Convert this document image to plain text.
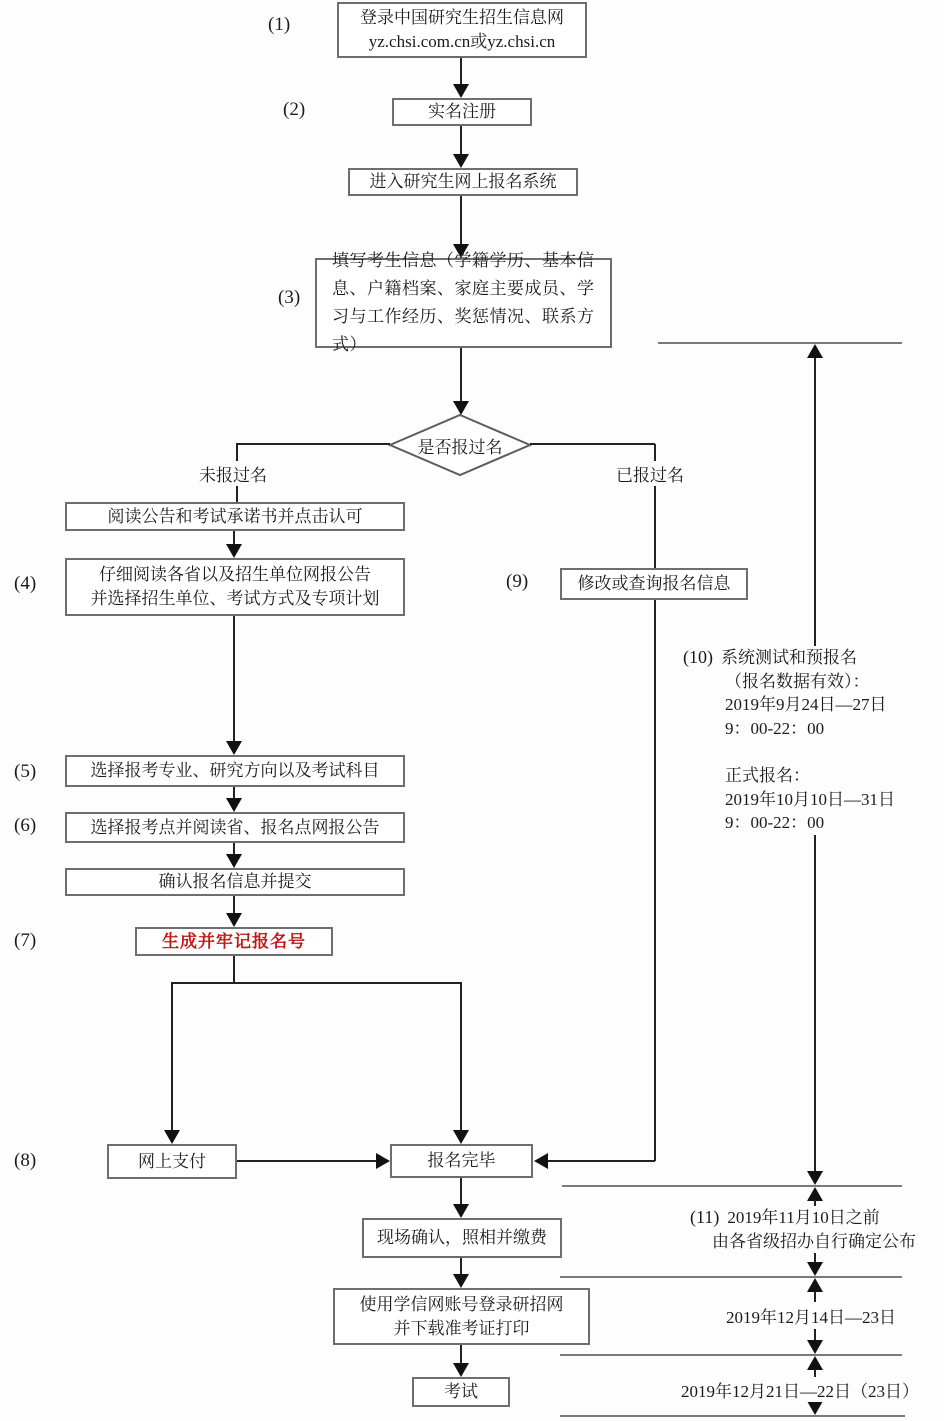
(1)
(2)
(3)
(4)
(5)
(6)
(7)
(8)
(9)
登录中国研究生招生信息网
yz.chsi.com.cn或yz.chsi.cn
实名注册
进入研究生网上报名系统
填写考生信息（学籍学历、基本信息、户籍档案、家庭主要成员、学习与工作经历、奖惩情况、联系方式）
是否报过名
未报过名
阅读公告和考试承诺书并点击认可
仔细阅读各省以及招生单位网报公告
并选择招生单位、考试方式及专项计划
选择报考专业、研究方向以及考试科目
选择报考点并阅读省、报名点网报公告
确认报名信息并提交
生成并牢记报名号
网上支付	报名完毕
已报过名
修改或查询报名信息
现场确认，照相并缴费
使用学信网账号登录研招网
并下载准考证打印
考试
(10) 系统测试和预报名
（报名数据有效）：
2019年9月24日—27日
9：00-22：00
正式报名：
2019年10月10日—31日
9：00-22：00
(11) 2019年11月10日之前
由各省级招办自行确定公布
2019年12月14日—23日
2019年12月21日—22日（23日）
